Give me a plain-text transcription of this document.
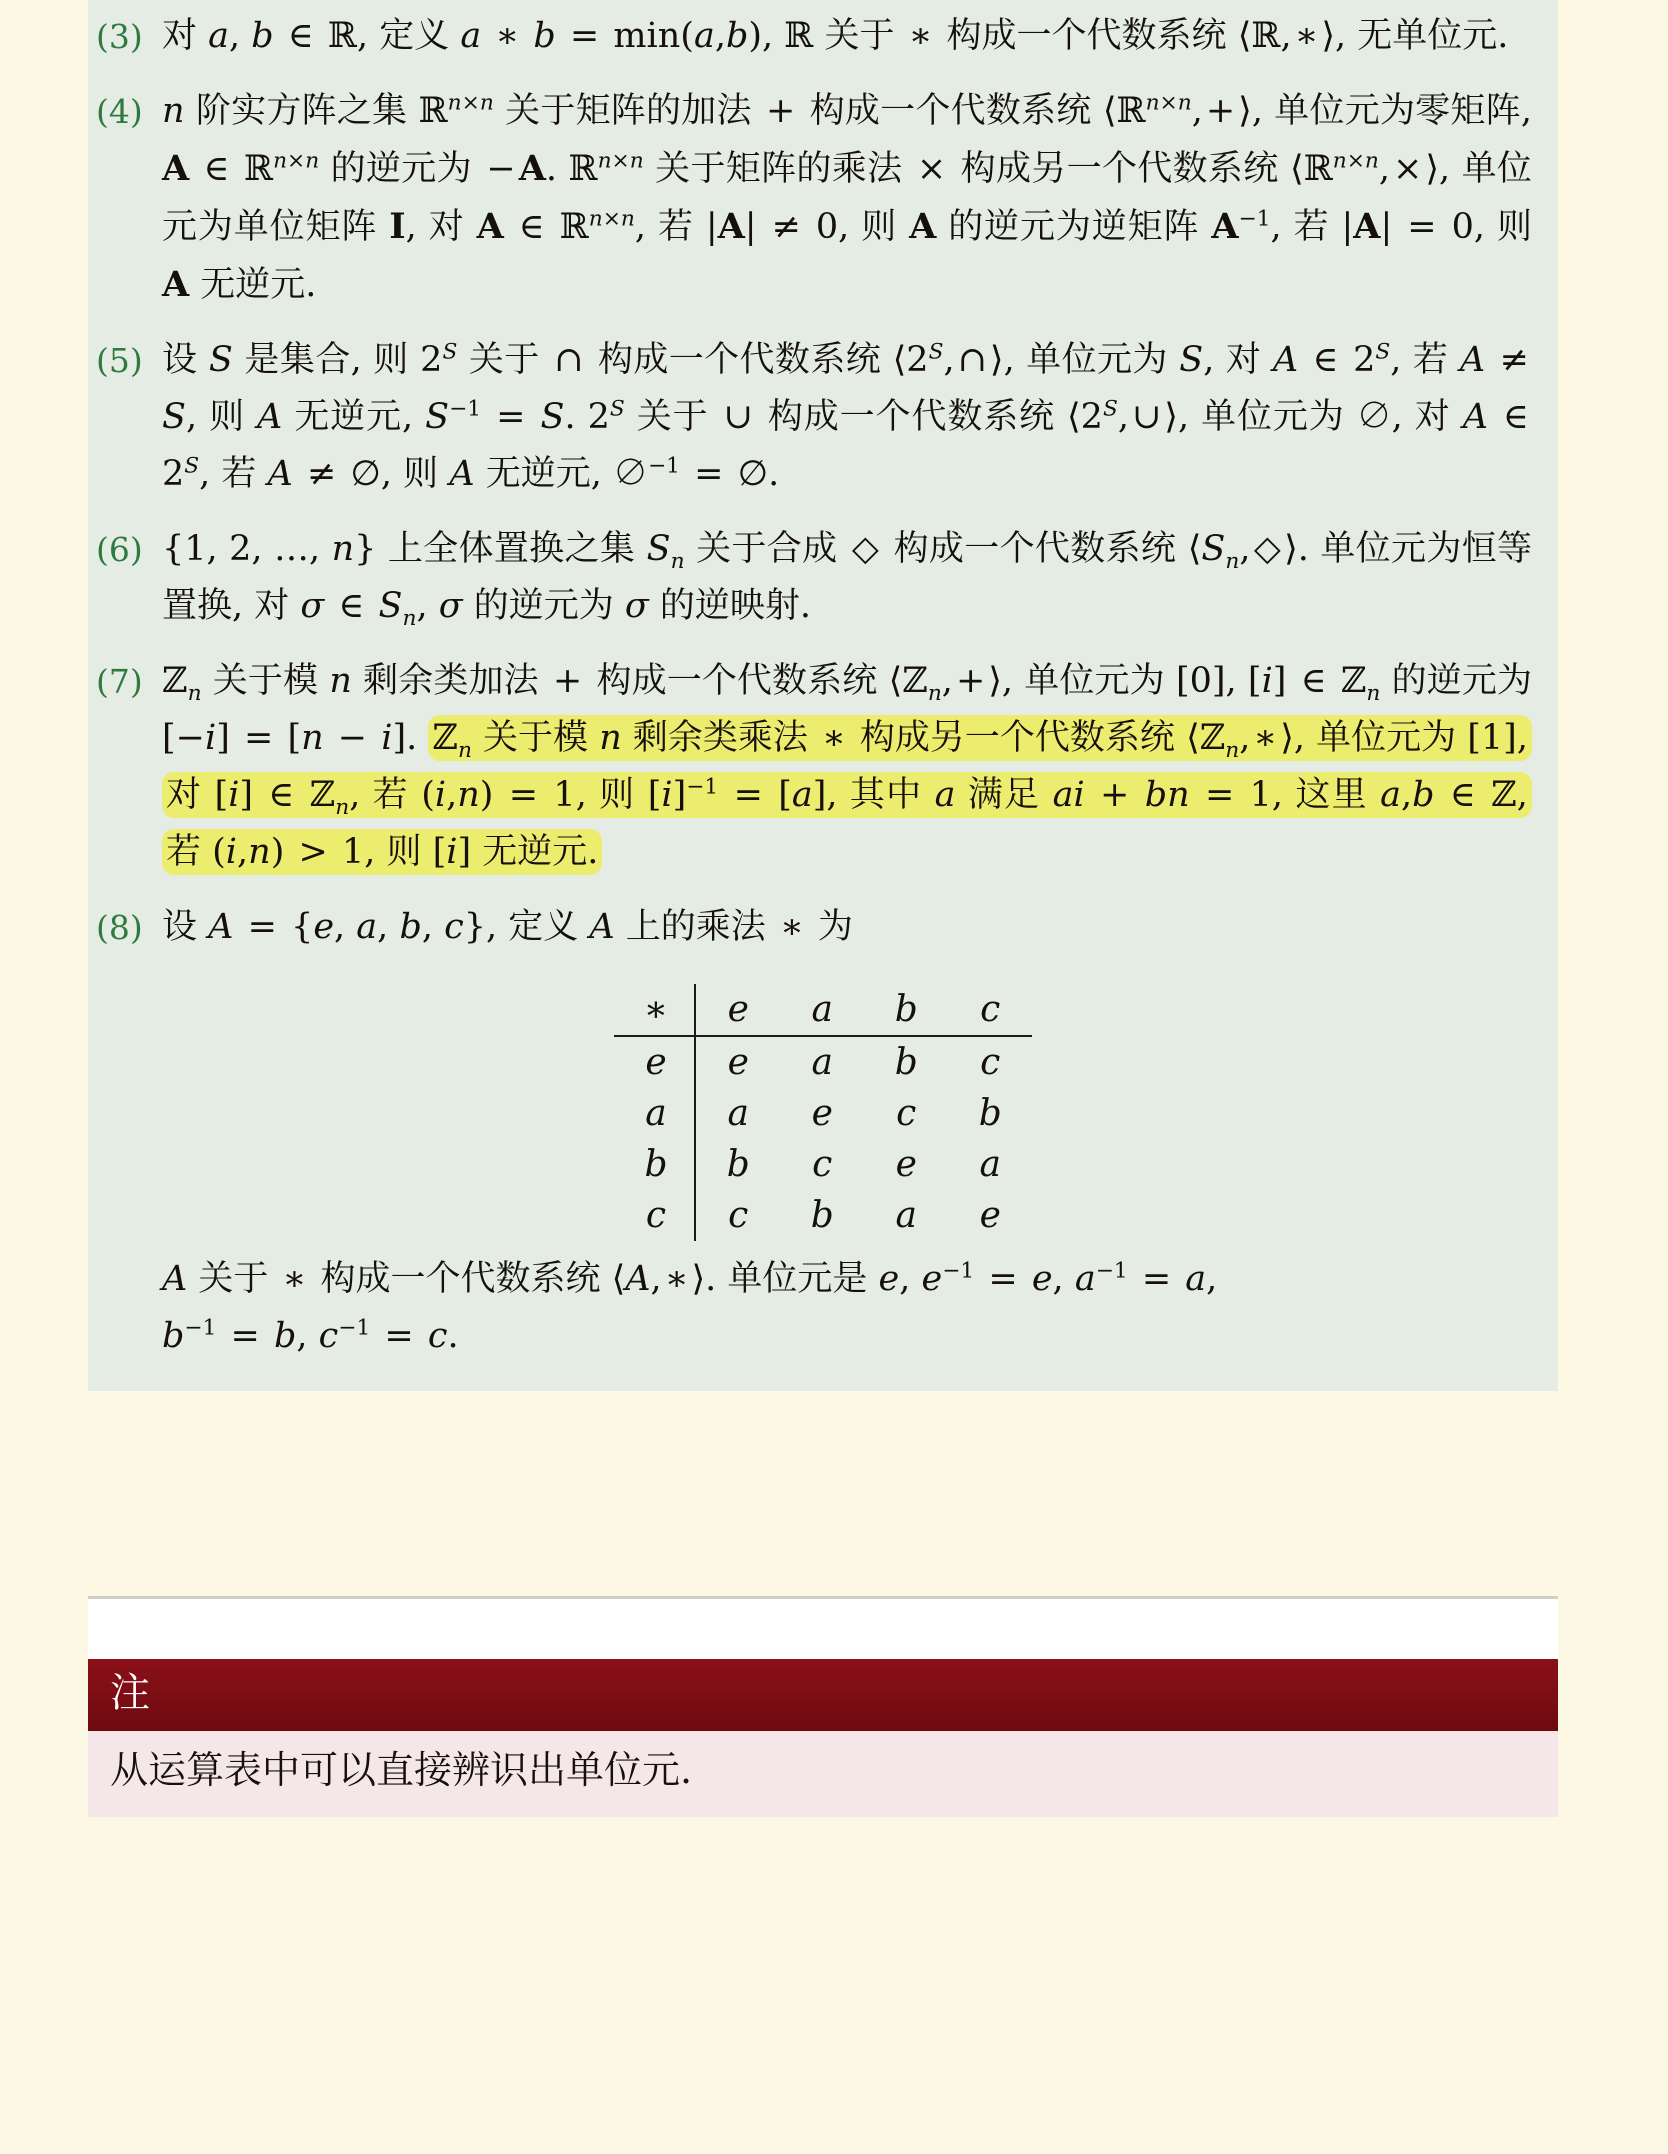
(3) 对 a, b ∈ ℝ, 定义 a ∗ b = min(a,b), ℝ 关于 ∗ 构成一个代数系统 ⟨ℝ,∗⟩, 无单位元.
(4) n 阶实方阵之集 ℝ$^{n\times n}$ 关于矩阵的加法 + 构成一个代数系统 ⟨ℝ$^{n\times n}$,+⟩, 单位元为零矩阵, A ∈ ℝ$^{n\times n}$ 的逆元为 −A. ℝ$^{n\times n}$ 关于矩阵的乘法 × 构成另一个代数系统 ⟨ℝ$^{n\times n}$,×⟩, 单位元为单位矩阵 I, 对 A ∈ ℝ$^{n\times n}$, 若 |A| ≠ 0, 则 A 的逆元为逆矩阵 $A^{-1}$, 若 |A| = 0, 则 A 无逆元.
(5) 设 S 是集合, 则 $2^S$ 关于 ∩ 构成一个代数系统 $⟨2^S,\cap⟩$, 单位元为 S, 对 A ∈ $2^S$, 若 A ≠ S, 则 A 无逆元, $S^{-1} = S$. $2^S$ 关于 ∪ 构成一个代数系统 $⟨2^S,\cup⟩$, 单位元为 ∅, 对 A ∈ $2^S$, 若 A ≠ ∅, 则 A 无逆元, ∅$^{-1}$ = ∅.
(6) {1, 2, …, n} 上全体置换之集 $S_n$ 关于合成 ◇ 构成一个代数系统 $⟨S_n,◇⟩$. 单位元为恒等置换, 对 σ ∈ $S_n$, σ 的逆元为 σ 的逆映射.
(7) ℤ$_n$ 关于模 n 剩余类加法 + 构成一个代数系统 ⟨ℤ$_n$,+⟩, 单位元为 [0], [i] ∈ ℤ$_n$ 的逆元为 [−i] = [n − i]. ℤ$_n$ 关于模 n 剩余类乘法 ∗ 构成另一个代数系统 ⟨ℤ$_n$,∗⟩, 单位元为 [1], 对 [i] ∈ ℤ$_n$, 若 (i,n) = 1, 则 $[i]^{-1} = [a]$, 其中 a 满足 ai + bn = 1, 这里 a,b ∈ ℤ, 若 (i,n) > 1, 则 [i] 无逆元.
(8) 设 A = {e, a, b, c}, 定义 A 上的乘法 ∗ 为
∗	e	a	b	c
e	e	a	b	c
a	a	e	c	b
b	b	c	e	a
c	c	b	a	e
A 关于 ∗ 构成一个代数系统 ⟨A,∗⟩. 单位元是 e, $e^{-1} = e$, $a^{-1} = a$,
$b^{-1} = b$, $c^{-1} = c$.
注
从运算表中可以直接辨识出单位元.
